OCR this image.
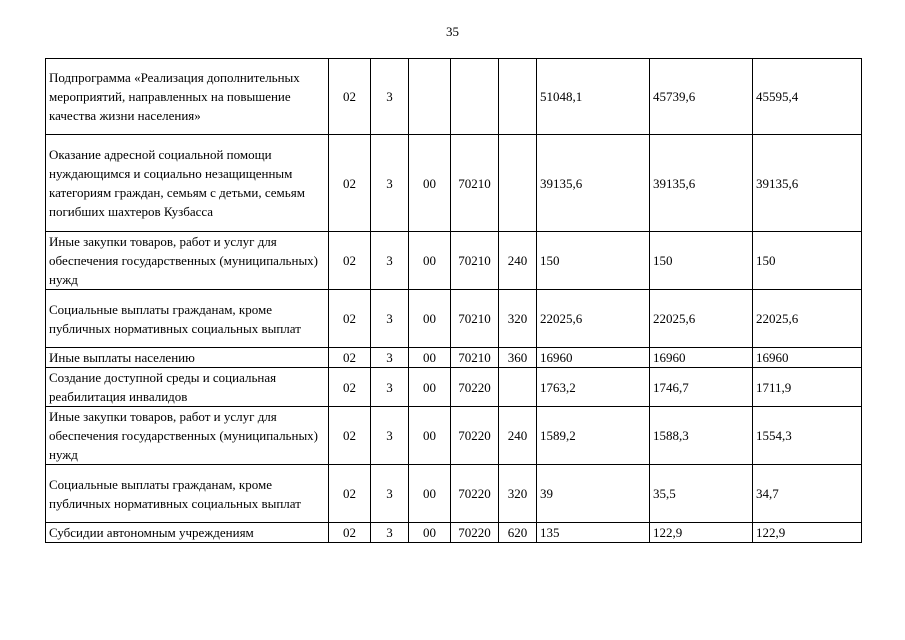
35
Подпрограмма «Реализация дополнительных мероприятий, направленных на повышение качества жизни населения»	02	3				51048,1	45739,6	45595,4
Оказание адресной социальной помощи нуждающимся и социально незащищенным категориям граждан, семьям с детьми, семьям погибших шахтеров Кузбасса	02	3	00	70210		39135,6	39135,6	39135,6
Иные закупки товаров, работ и услуг для обеспечения государственных (муниципальных) нужд	02	3	00	70210	240	150	150	150
Социальные выплаты гражданам, кроме публичных нормативных социальных выплат	02	3	00	70210	320	22025,6	22025,6	22025,6
Иные выплаты населению	02	3	00	70210	360	16960	16960	16960
Создание доступной среды и социальная реабилитация инвалидов	02	3	00	70220		1763,2	1746,7	1711,9
Иные закупки товаров, работ и услуг для обеспечения государственных (муниципальных) нужд	02	3	00	70220	240	1589,2	1588,3	1554,3
Социальные выплаты гражданам, кроме публичных нормативных социальных выплат	02	3	00	70220	320	39	35,5	34,7
Субсидии автономным учреждениям	02	3	00	70220	620	135	122,9	122,9
